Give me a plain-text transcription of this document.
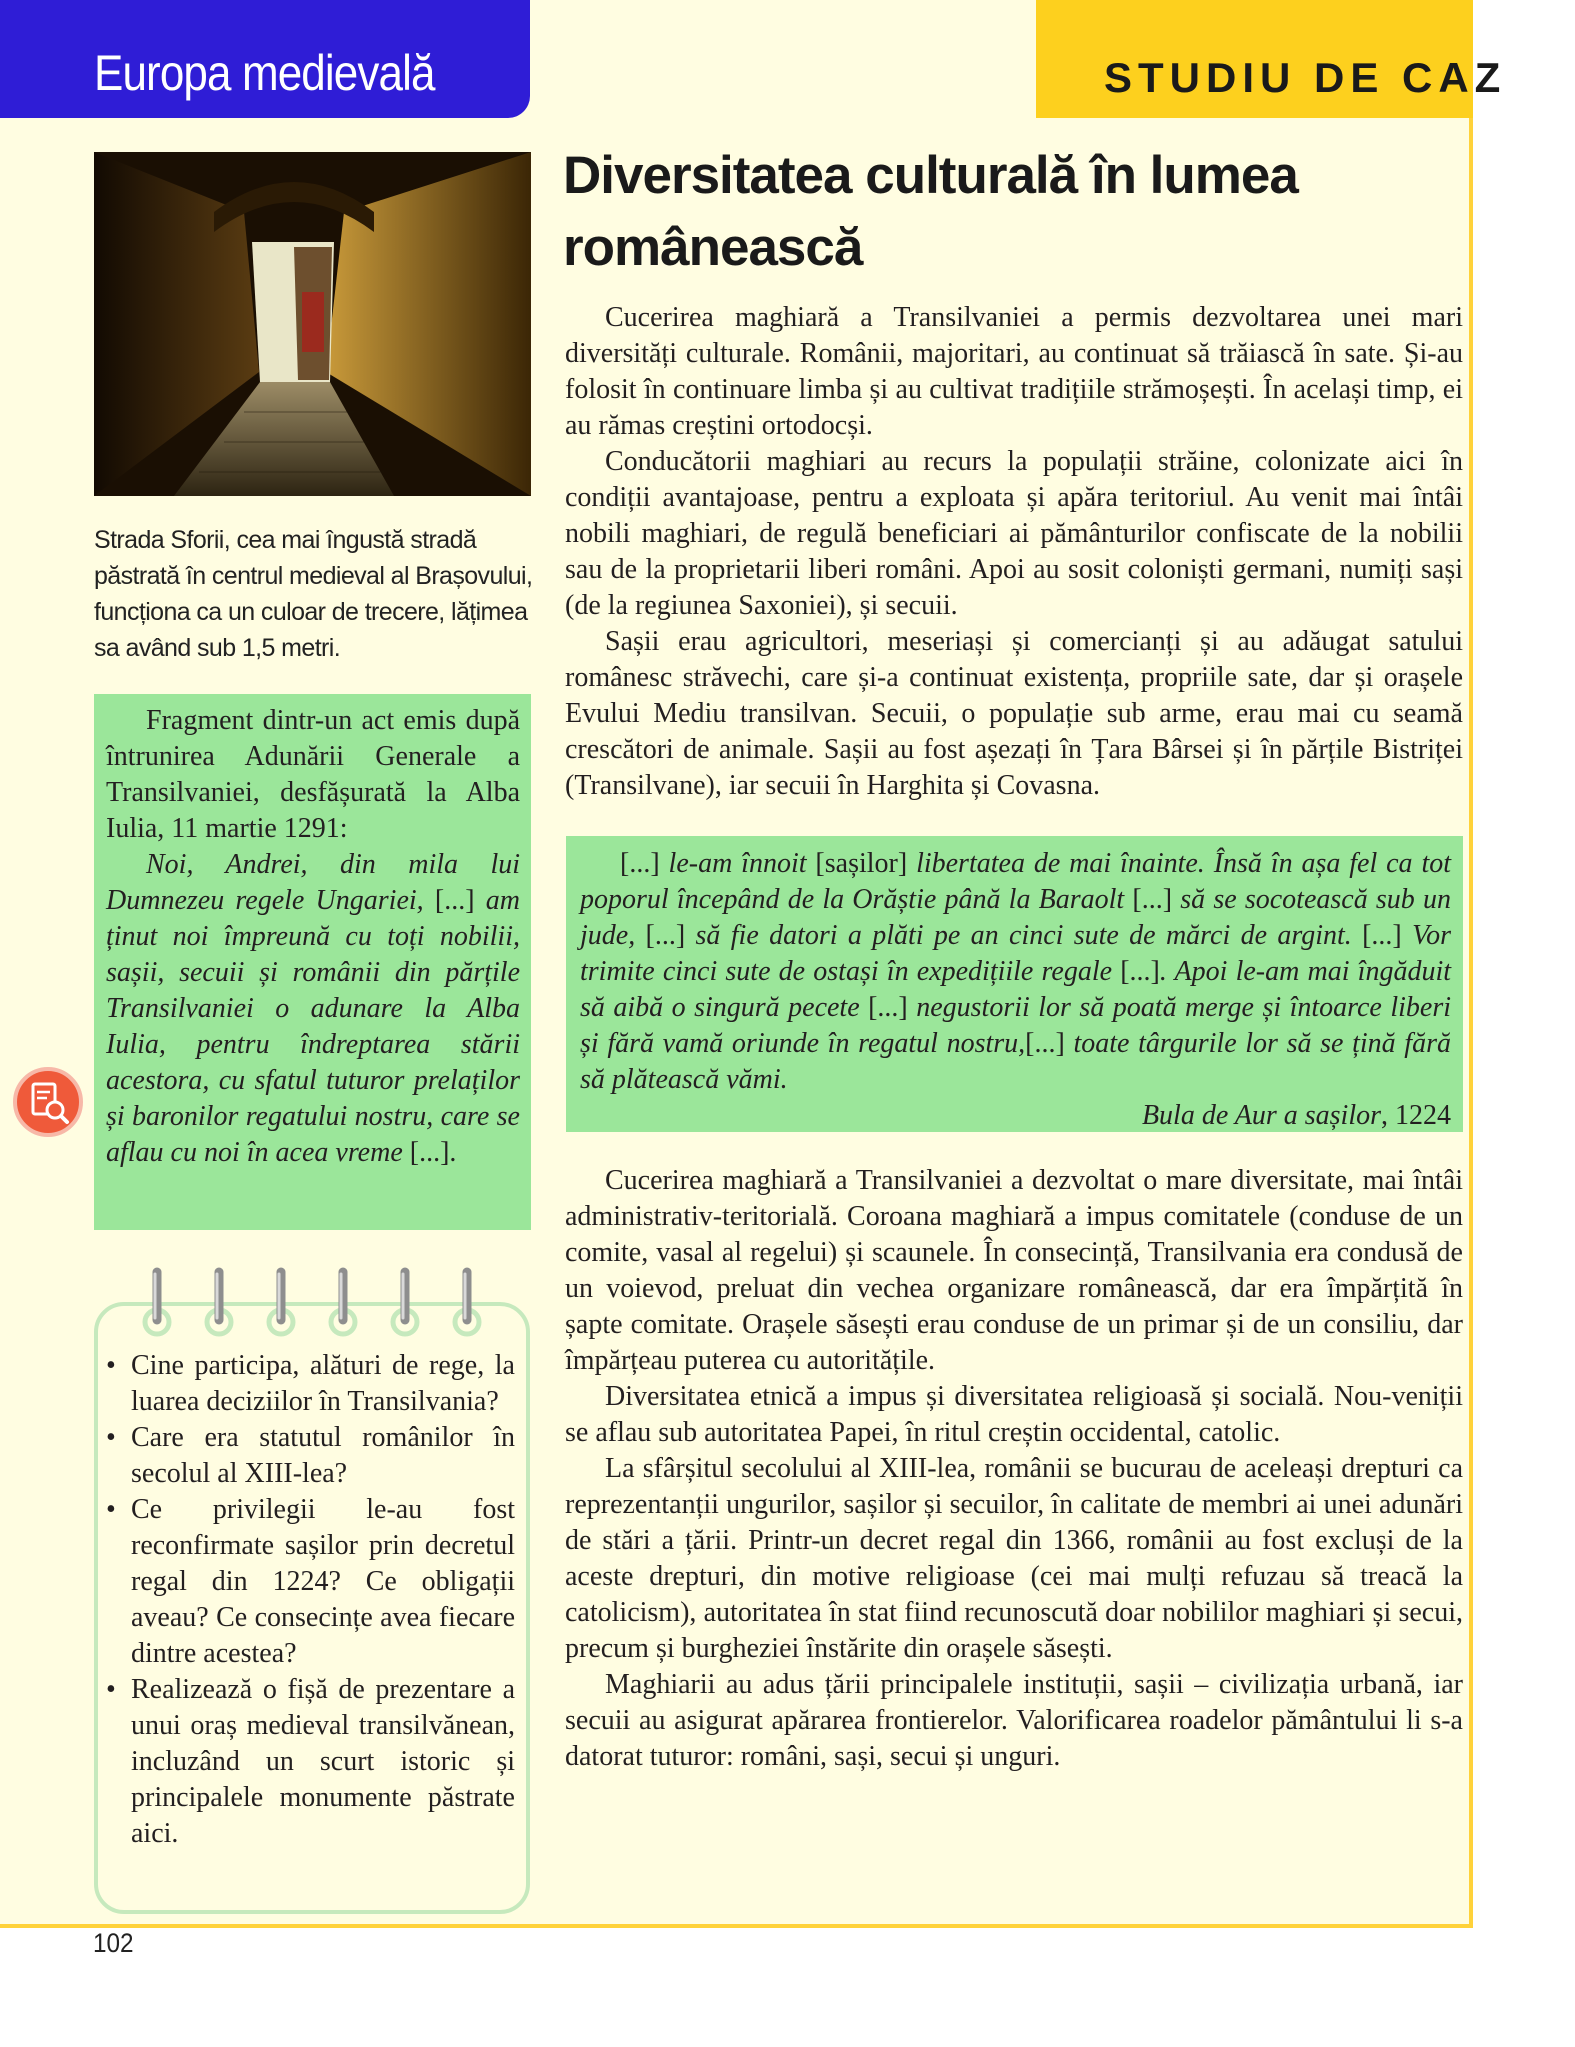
Europa medievală	STUDIU DE CAZ
Strada Sforii, cea mai îngustă stradă păstrată în centrul medieval al Brașovului, funcționa ca un culoar de trecere, lățimea sa având sub 1,5 metri.

Fragment dintr-un act emis după întrunirea Adunării Generale a Transilvaniei, desfășurată la Alba Iulia, 11 martie 1291:

Noi, Andrei, din mila lui Dumnezeu regele Ungariei, [...] am ținut noi împreună cu toți nobilii, sașii, secuii și românii din părțile Transilvaniei o adunare la Alba Iulia, pentru îndreptarea stării acestora, cu sfatul tuturor prelaților și baronilor regatului nostru, care se aflau cu noi în acea vreme [...].

Diversitatea culturală în lumea românească

Cucerirea maghiară a Transilvaniei a permis dezvoltarea unei mari diversități culturale. Românii, majoritari, au continuat să trăiască în sate. Și-au folosit în continuare limba și au cultivat tradițiile strămoșești. În același timp, ei au rămas creștini ortodocși.

Conducătorii maghiari au recurs la populații străine, colonizate aici în condiții avantajoase, pentru a exploata și apăra teritoriul. Au venit mai întâi nobili maghiari, de regulă beneficiari ai pământurilor confiscate de la nobilii sau de la proprietarii liberi români. Apoi au sosit coloniști germani, numiți sași (de la regiunea Saxoniei), și secuii.

Sașii erau agricultori, meseriași și comercianți și au adăugat satului românesc străvechi, care și-a continuat existența, propriile sate, dar și orașele Evului Mediu transilvan. Secuii, o populație sub arme, erau mai cu seamă crescători de animale. Sașii au fost așezați în Țara Bârsei și în părțile Bistriței (Transilvane), iar secuii în Harghita și Covasna.

[...] le-am înnoit [sașilor] libertatea de mai înainte. Însă în așa fel ca tot poporul începând de la Orăștie până la Baraolt [...] să se socotească sub un jude, [...] să fie datori a plăti pe an cinci sute de mărci de argint. [...] Vor trimite cinci sute de ostași în expedițiile regale [...]. Apoi le-am mai îngăduit să aibă o singură pecete [...] negustorii lor să poată merge și întoarce liberi și fără vamă oriunde în regatul nostru,[...] toate târgurile lor să se țină fără să plătească vămi.

Bula de Aur a sașilor, 1224

Cucerirea maghiară a Transilvaniei a dezvoltat o mare diversitate, mai întâi administrativ-teritorială. Coroana maghiară a impus comitatele (conduse de un comite, vasal al regelui) și scaunele. În consecință, Transilvania era condusă de un voievod, preluat din vechea organizare românească, dar era împărțită în șapte comitate. Orașele săsești erau conduse de un primar și de un consiliu, dar împărțeau puterea cu autoritățile.

Diversitatea etnică a impus și diversitatea religioasă și socială. Nou-veniții se aflau sub autoritatea Papei, în ritul creștin occidental, catolic.

La sfârșitul secolului al XIII-lea, românii se bucurau de aceleași drepturi ca reprezentanții ungurilor, sașilor și secuilor, în calitate de membri ai unei adunări de stări a țării. Printr-un decret regal din 1366, românii au fost excluși de la aceste drepturi, din motive religioase (cei mai mulți refuzau să treacă la catolicism), autoritatea în stat fiind recunoscută doar nobililor maghiari și secui, precum și burgheziei înstărite din orașele săsești.

Maghiarii au adus țării principalele instituții, sașii – civilizația urbană, iar secuii au asigurat apărarea frontierelor. Valorificarea roadelor pământului li s-a datorat tuturor: români, sași, secui și unguri.

• Cine participa, alături de rege, la luarea deciziilor în Transilvania?
• Care era statutul românilor în secolul al XIII-lea?
• Ce privilegii le-au fost reconfirmate sașilor prin decretul regal din 1224? Ce obligații aveau? Ce consecințe avea fiecare dintre acestea?
• Realizează o fișă de prezentare a unui oraș medieval transilvănean, incluzând un scurt istoric și principalele monumente păstrate aici.
102
